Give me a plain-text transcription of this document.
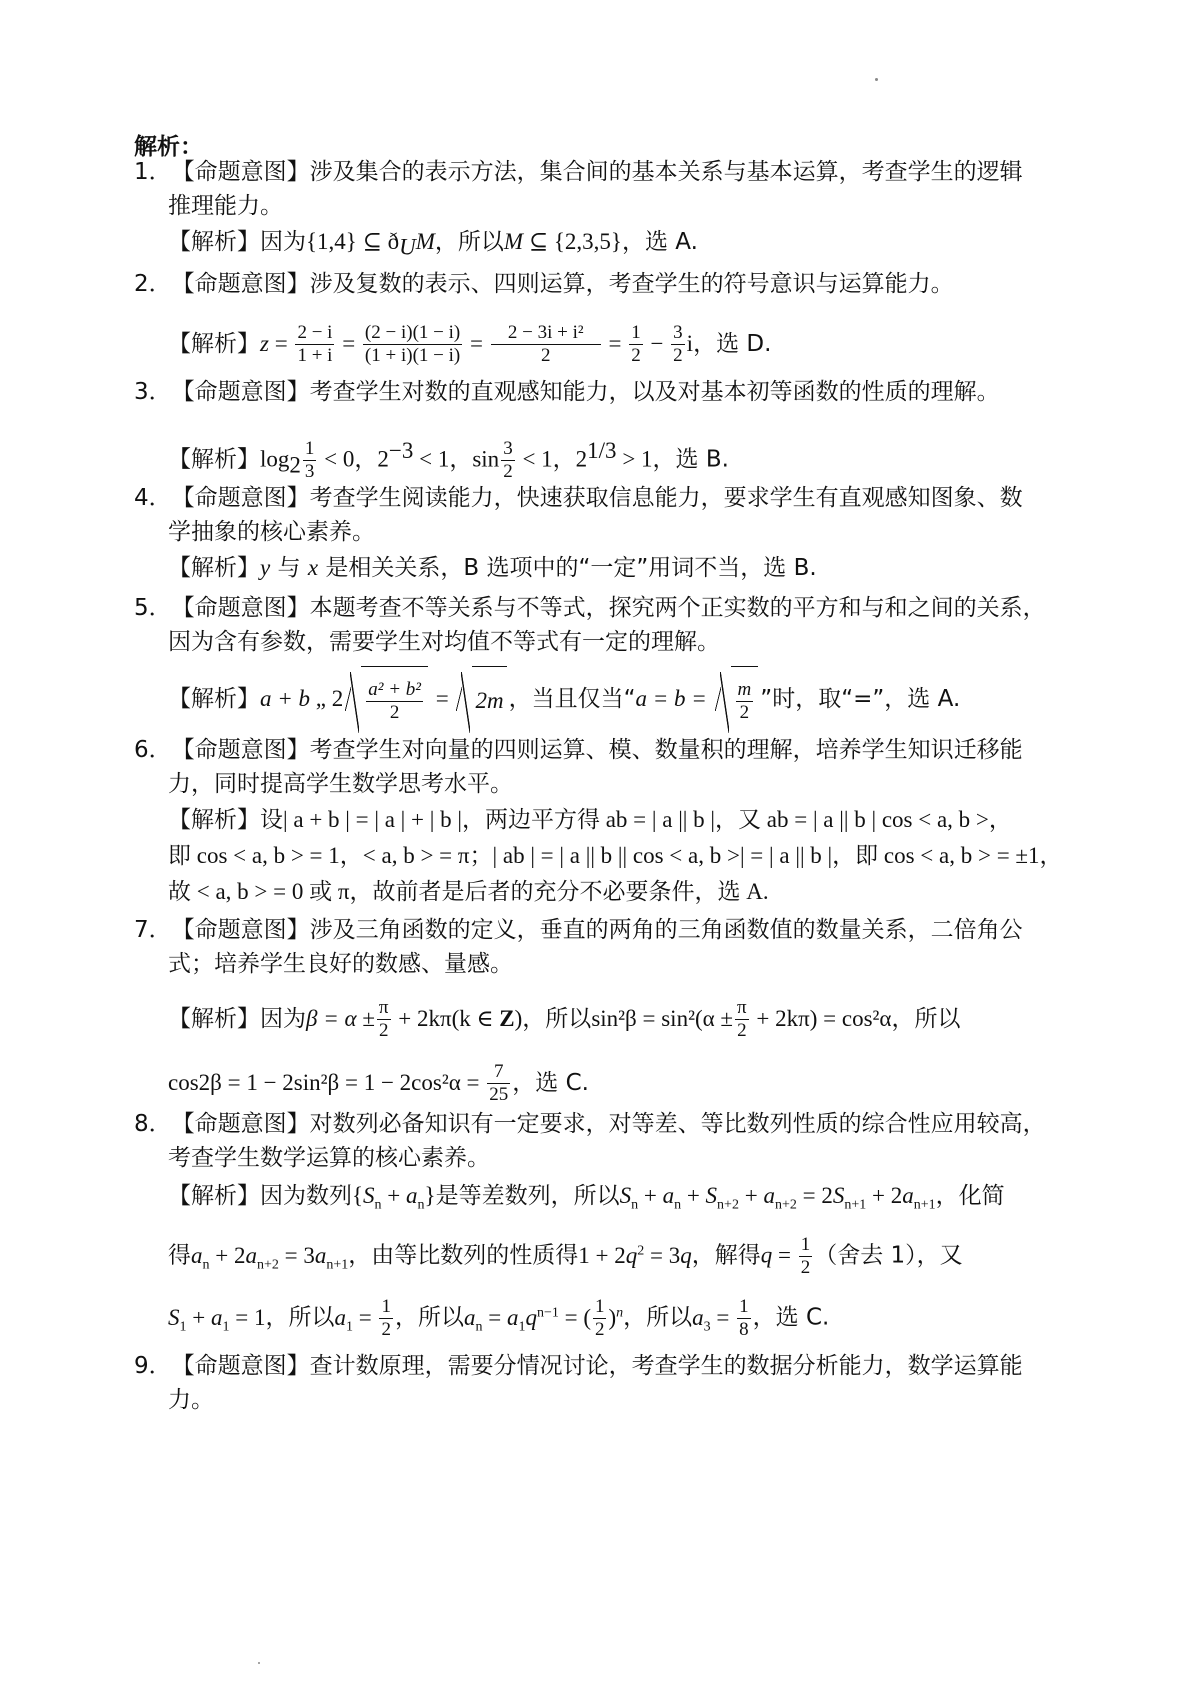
解析：
1．【命题意图】涉及集合的表示方法，集合间的基本关系与基本运算，考查学生的逻辑
推理能力。
【解析】因为{1,4} ⊆ $ð_UM$，所以M ⊆ {2,3,5}，选 A.
2．【命题意图】涉及复数的表示、四则运算，考查学生的符号意识与运算能力。
【解析】$z = \frac{2 - i}{1 + i} = \frac{(2 - i)(1 - i)}{(1 + i)(1 - i)} = \frac{\text{2 − 3i + i²}}{2} = \frac{1}{2} - \frac{3}{2}$ i，选 D.
3．【命题意图】考查学生对数的直观感知能力，以及对基本初等函数的性质的理解。
【解析】$\log_2 \frac{1}{3} < 0$，$2^{-3} < 1$，$\sin \frac{3}{2} < 1$，$2^{1/3} > 1$，选 B.
4．【命题意图】考查学生阅读能力，快速获取信息能力，要求学生有直观感知图象、数
学抽象的核心素养。
【解析】y 与 x 是相关关系，B 选项中的“一定”用词不当，选 B.
5．【命题意图】本题考查不等关系与不等式，探究两个正实数的平方和与和之间的关系，
因为含有参数，需要学生对均值不等式有一定的理解。
【解析】a + b „ $2 \frac{\text{a² + b²}}{2} = 2m$ ，当且仅当“$a = b = \frac{m}{2}$ ”时，取“=”，选 A.
6．【命题意图】考查学生对向量的四则运算、模、数量积的理解，培养学生知识迁移能
力，同时提高学生数学思考水平。
【解析】设| a + b | = | a | + | b |，两边平方得 ab = | a || b |，又 ab = | a || b | cos < a, b >，
即 cos < a, b > = 1，< a, b > = π；| ab | = | a || b || cos < a, b >| = | a || b |，即 cos < a, b > = ±1，
故 < a, b > = 0 或 π，故前者是后者的充分不必要条件，选 A.
7．【命题意图】涉及三角函数的定义，垂直的两角的三角函数值的数量关系，二倍角公
式；培养学生良好的数感、量感。
【解析】因为$\beta = \alpha \pm \frac{\pi}{2} + 2k\pi(k$ ∈ Z)，所以$\sin^2\beta = \sin^2(\alpha \pm \frac{\pi}{2} + 2k\pi) = \cos^2\alpha$，所以
$\cos 2\beta = 1 - 2\sin^2\beta = 1 - 2\cos^2\alpha = \frac{7}{25}$ ，选 C.
8．【命题意图】对数列必备知识有一定要求，对等差、等比数列性质的综合性应用较高，
考查学生数学运算的核心素养。
【解析】因为数列$\{S_n + a_n\}$是等差数列，所以$S_n + a_n + S_{n+2} + a_{n+2} = 2S_{n+1} + 2a_{n+1}$，化简
得$a_n + 2a_{n+2} = 3a_{n+1}$，由等比数列的性质得$1 + 2q^2 = 3q$，解得$q = \frac{1}{2}$ （舍去 1），又
$S_1 + a_1 = 1$，所以$a_1 = \frac{1}{2}$ ，所以$a_n = a_1q^{n-1}$ = ( $\frac{1}{2} )^n$，所以$a_3 = \frac{1}{8}$ ，选 C.
9．【命题意图】查计数原理，需要分情况讨论，考查学生的数据分析能力，数学运算能
力。
